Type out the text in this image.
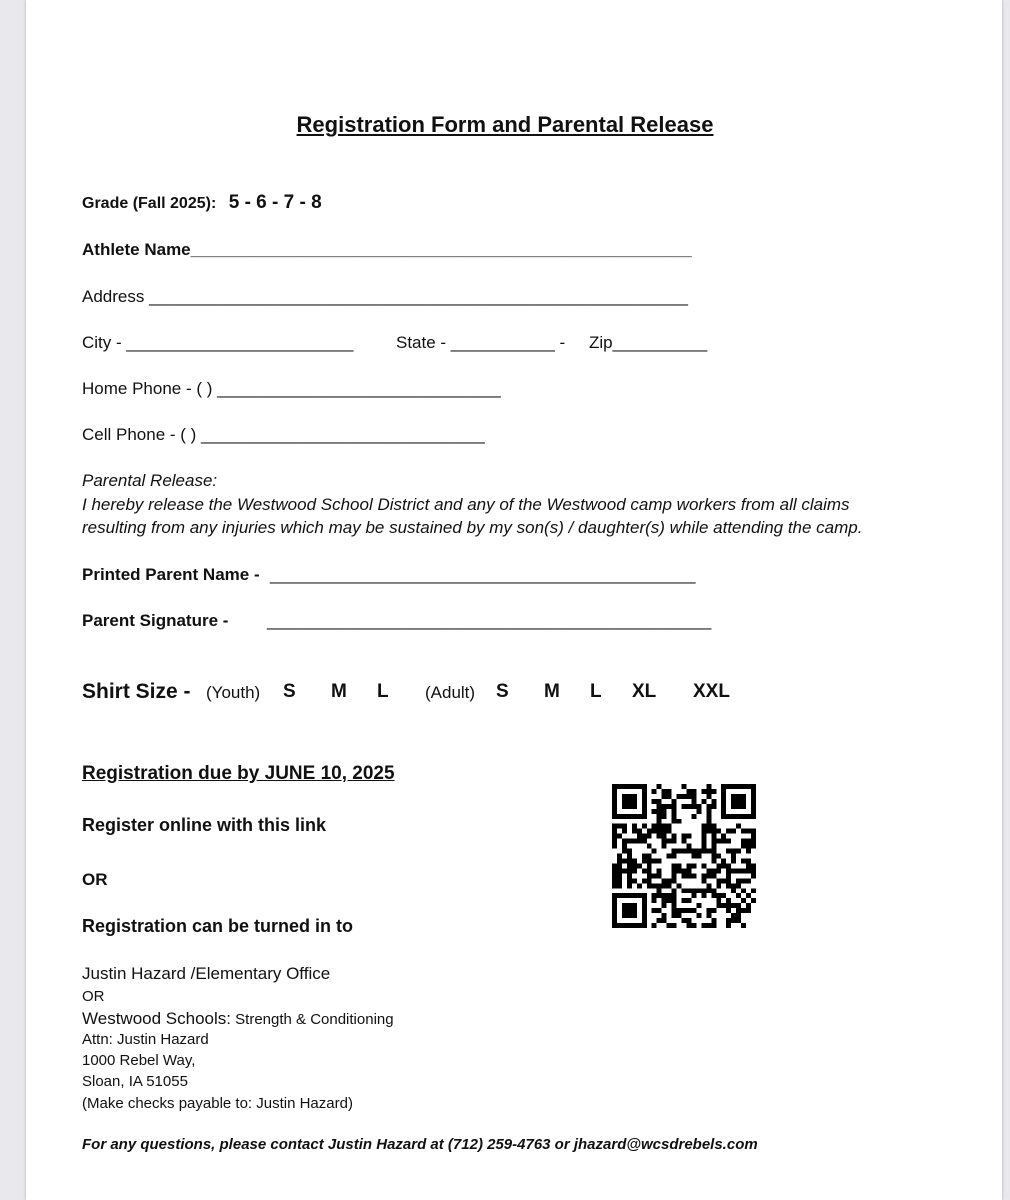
Registration Form and Parental Release
Grade (Fall 2025): 5 - 6 - 7 - 8
Athlete Name_____________________________________________________
Address _________________________________________________________
City - ________________________	State - ___________ - Zip__________
Home Phone - ( ) ______________________________
Cell Phone - ( ) ______________________________
Parental Release:
I hereby release the Westwood School District and any of the Westwood camp workers from all claims
resulting from any injuries which may be sustained by my son(s) / daughter(s) while attending the camp.
Printed Parent Name - _____________________________________________
Parent Signature - _______________________________________________
Shirt Size - (Youth) S M L (Adult) S M L XL XXL
Registration due by JUNE 10, 2025
Register online with this link
OR
Registration can be turned in to
Justin Hazard /Elementary Office
OR
Westwood Schools: Strength & Conditioning
Attn: Justin Hazard
1000 Rebel Way,
Sloan, IA 51055
(Make checks payable to: Justin Hazard)
For any questions, please contact Justin Hazard at (712) 259-4763 or jhazard@wcsdrebels.com
